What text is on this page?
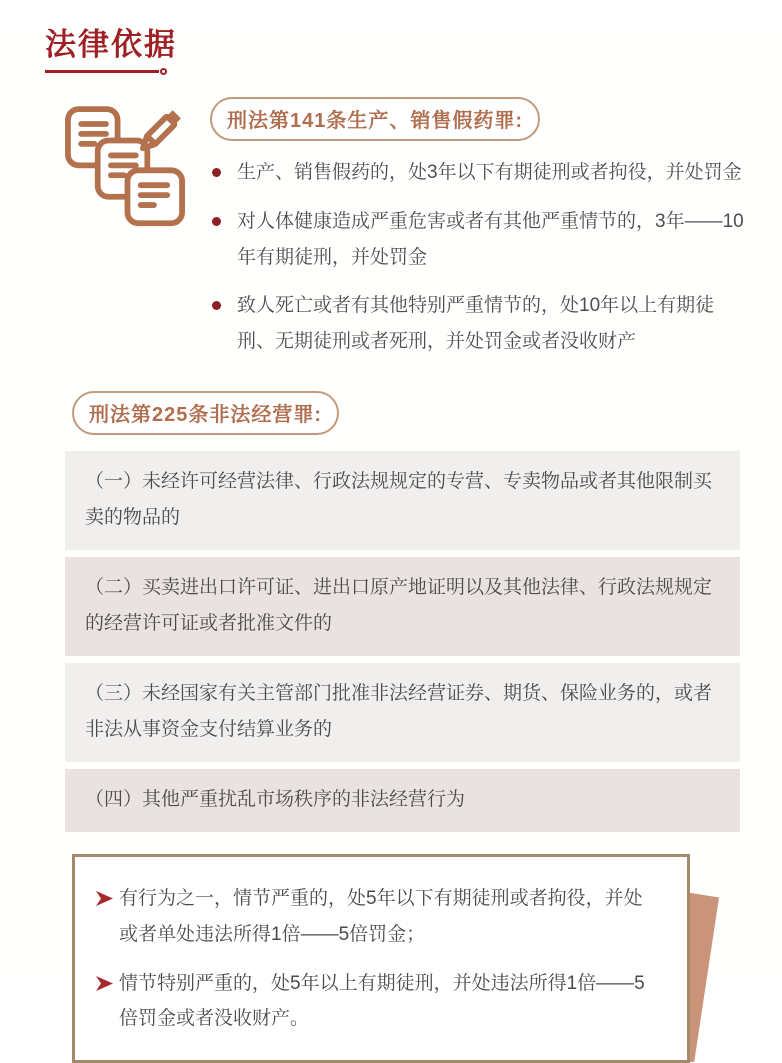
法律依据
刑法第141条生产、销售假药罪:
生产、销售假药的，处3年以下有期徒刑或者拘役，并处罚金
对人体健康造成严重危害或者有其他严重情节的，3年——10年有期徒刑，并处罚金
致人死亡或者有其他特别严重情节的，处10年以上有期徒刑、无期徒刑或者死刑，并处罚金或者没收财产
刑法第225条非法经营罪:
（一）未经许可经营法律、行政法规规定的专营、专卖物品或者其他限制买卖的物品的
（二）买卖进出口许可证、进出口原产地证明以及其他法律、行政法规规定的经营许可证或者批准文件的
（三）未经国家有关主管部门批准非法经营证券、期货、保险业务的，或者非法从事资金支付结算业务的
（四）其他严重扰乱市场秩序的非法经营行为
有行为之一，情节严重的，处5年以下有期徒刑或者拘役，并处或者单处违法所得1倍——5倍罚金；
情节特别严重的，处5年以上有期徒刑，并处违法所得1倍——5倍罚金或者没收财产。
